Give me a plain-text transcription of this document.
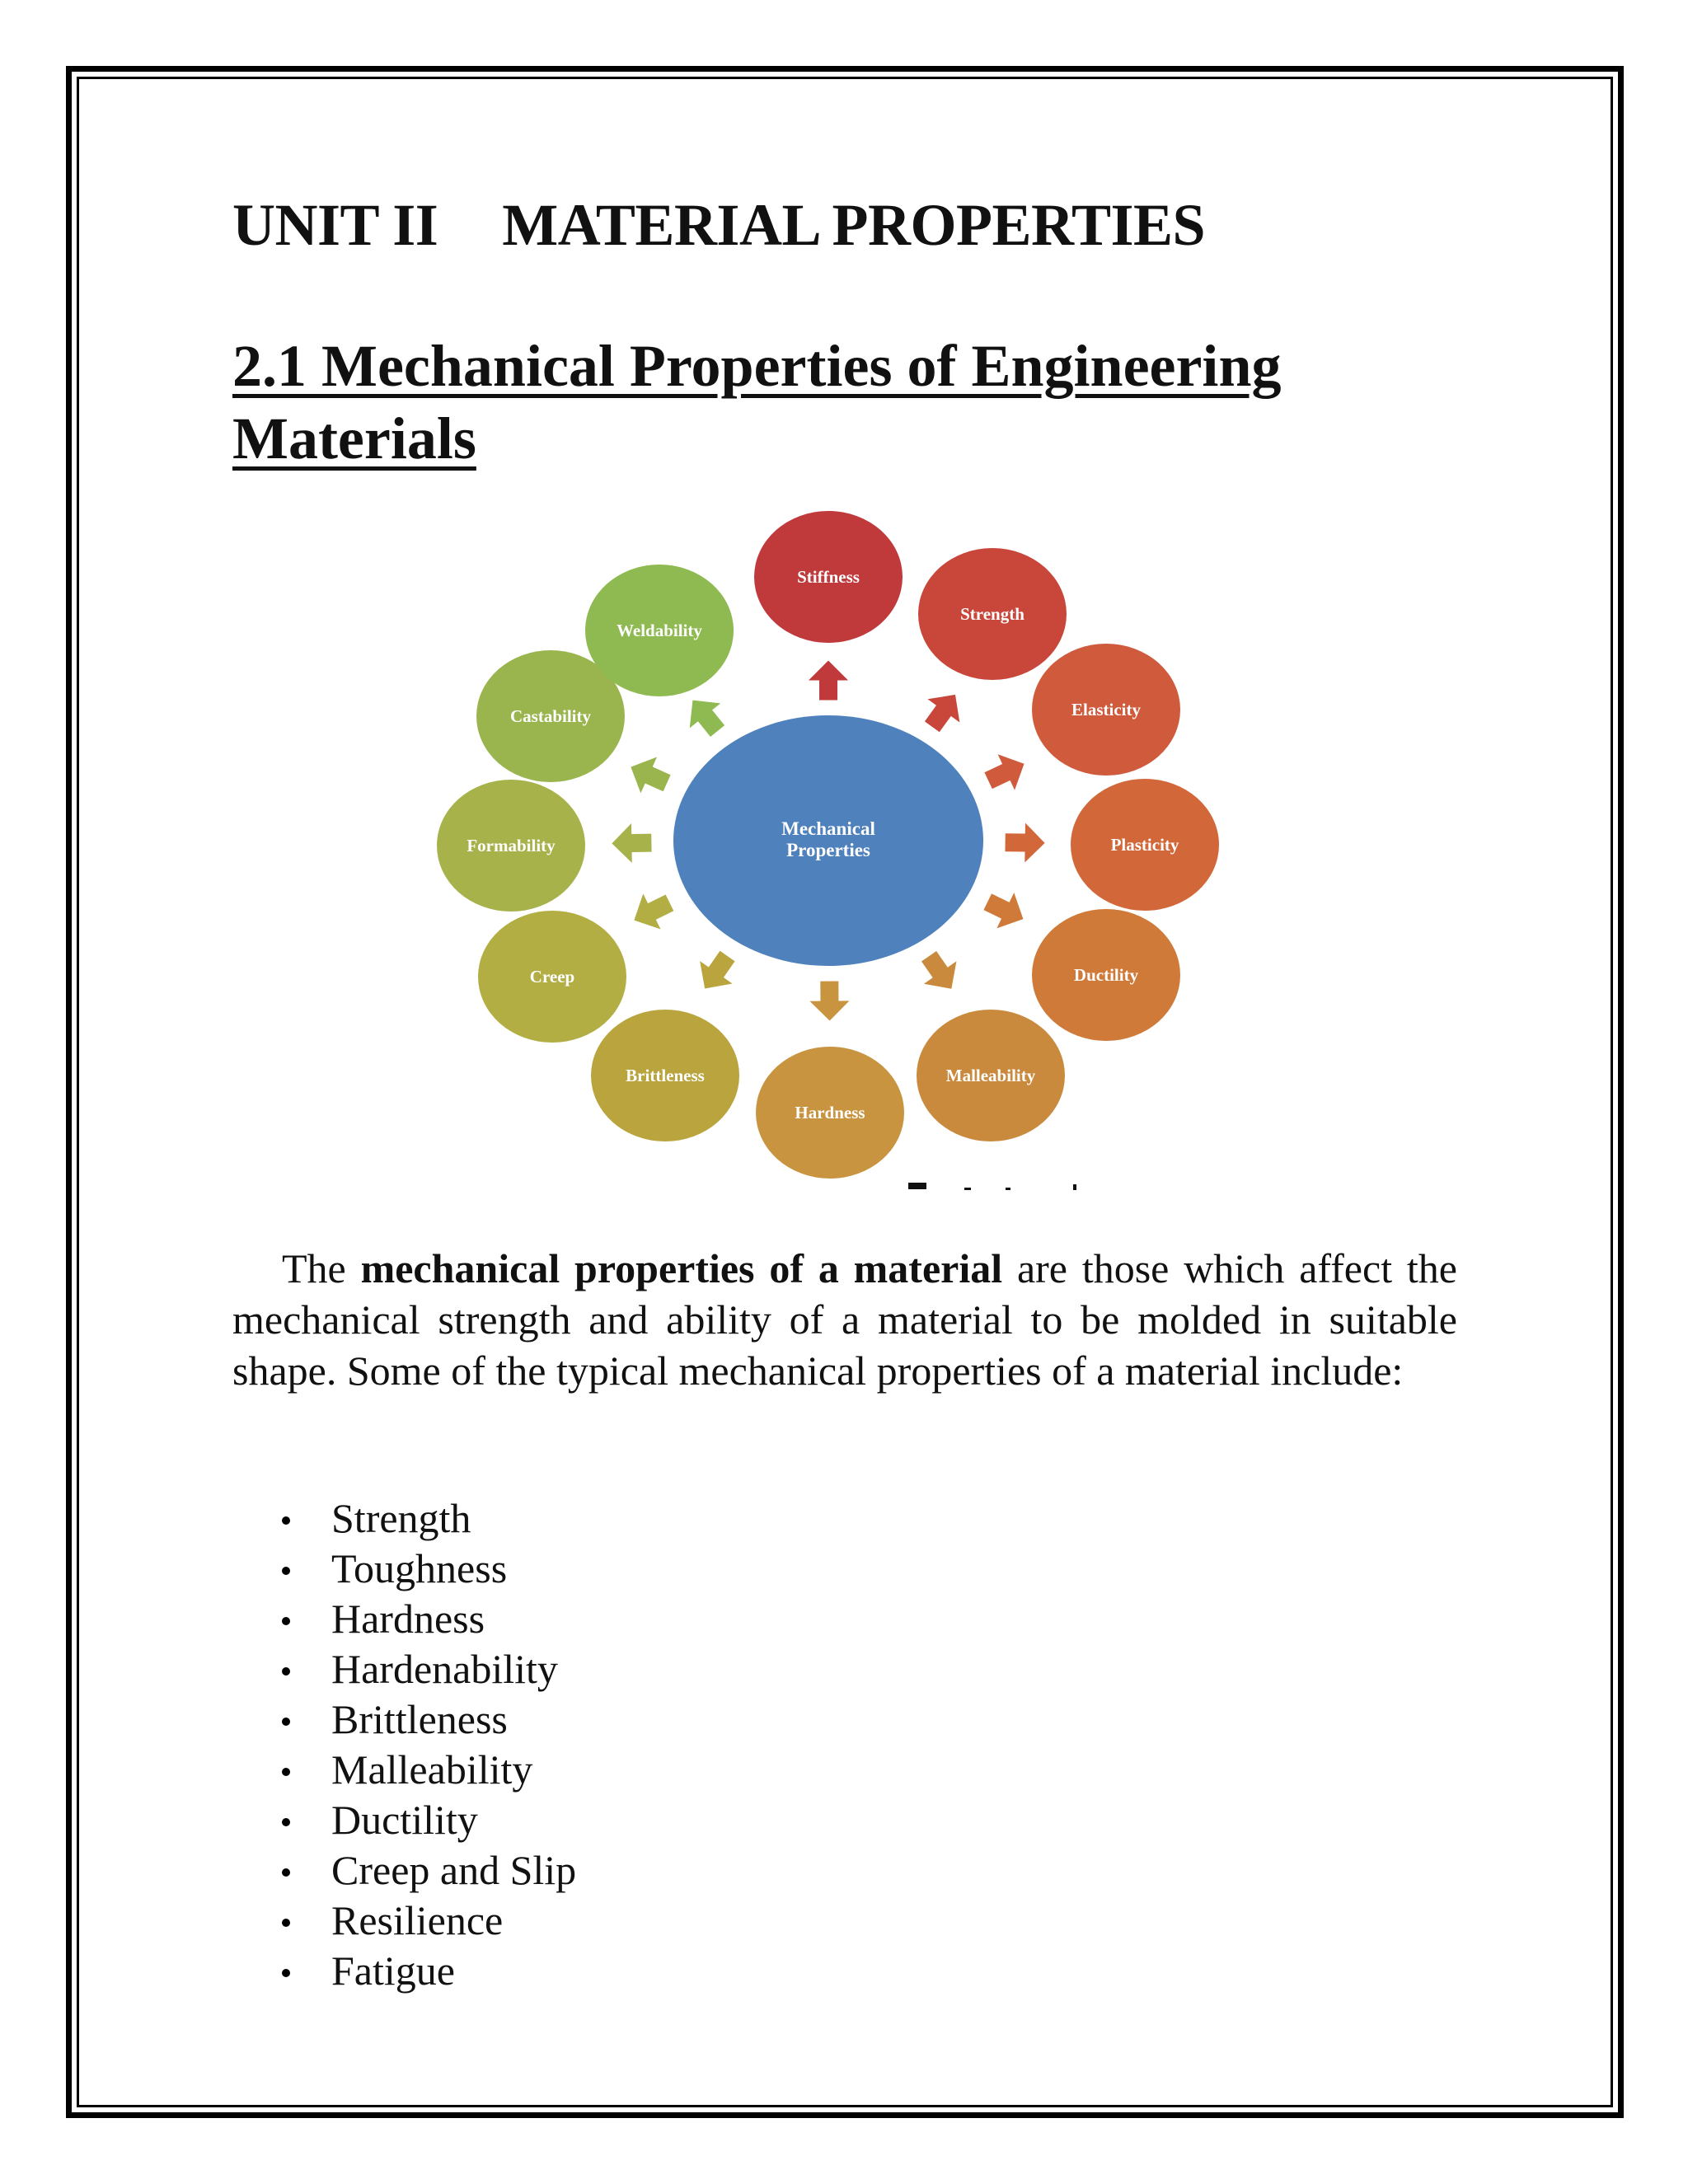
UNIT II MATERIAL PROPERTIES
2.1 Mechanical Properties of Engineering Materials
Mechanical
Properties
Stiffness
Strength
Elasticity
Plasticity
Ductility
Malleability
Hardness
Brittleness
Creep
Formability
Castability
Weldability
The mechanical properties of a material are those which affect the mechanical strength and ability of a material to be molded in suitable shape. Some of the typical mechanical properties of a material include:
Strength
Toughness
Hardness
Hardenability
Brittleness
Malleability
Ductility
Creep and Slip
Resilience
Fatigue
